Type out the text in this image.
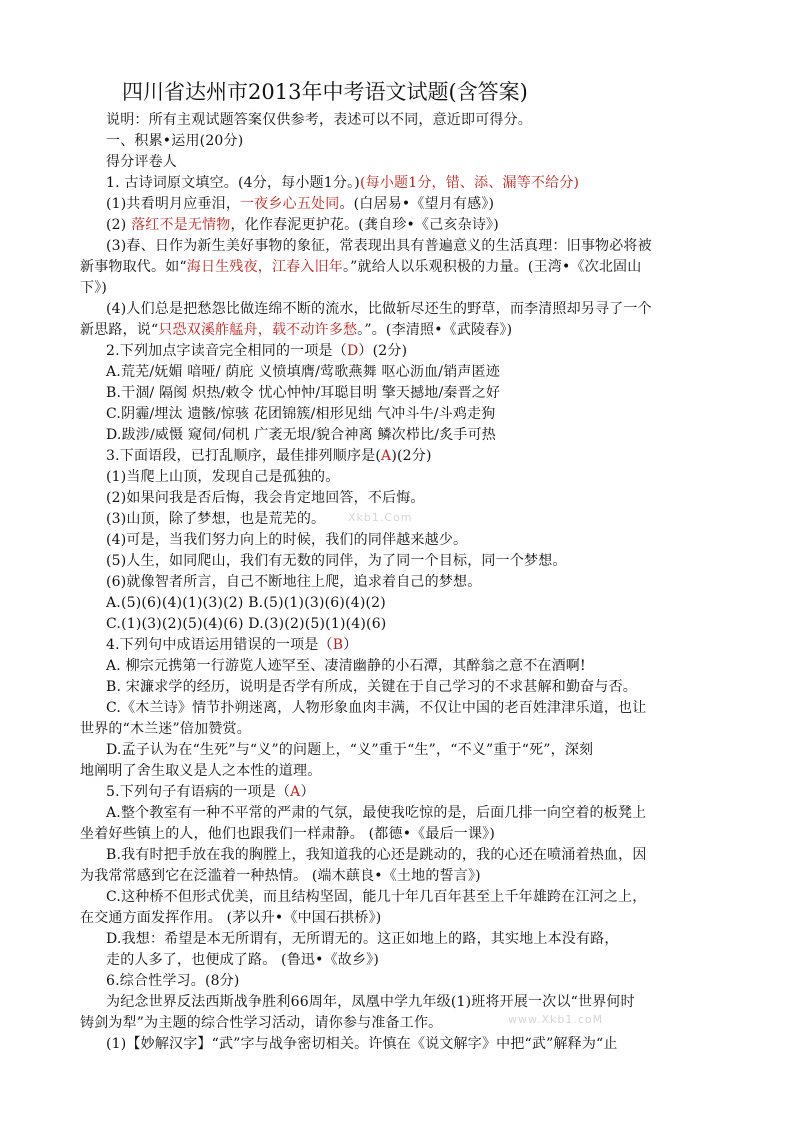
四川省达州市2013年中考语文试题(含答案)
说明：所有主观试题答案仅供参考，表述可以不同，意近即可得分。
一、积累•运用(20分)
得分评卷人
1. 古诗词原文填空。(4分，每小题1分。)(每小题1分，错、添、漏等不给分)
(1)共看明月应垂泪，一夜乡心五处同。(白居易•《望月有感》)
(2) 落红不是无情物，化作春泥更护花。(龚自珍•《己亥杂诗》)
(3)春、日作为新生美好事物的象征，常表现出具有普遍意义的生活真理：旧事物必将被
新事物取代。如“海日生残夜，江春入旧年。”就给人以乐观积极的力量。(王湾•《次北固山
下》)
(4)人们总是把愁怨比做连绵不断的流水，比做斩尽还生的野草，而李清照却另寻了一个
新思路，说“只恐双溪舴艋舟，载不动许多愁。”。(李清照•《武陵春》)
2.下列加点字读音完全相同的一项是（D）(2分)
A.荒芜/妩媚 喑哑/ 荫庇 义愤填膺/莺歌燕舞 呕心沥血/销声匿迹
B.干涸/ 隔阂 炽热/敕令 忧心忡忡/耳聪目明 擎天撼地/秦晋之好
C.阴霾/埋汰 遗骸/惊骇 花团锦簇/相形见绌 气冲斗牛/斗鸡走狗
D.跋涉/威慑 窥伺/伺机 广袤无垠/貌合神离 鳞次栉比/炙手可热
3.下面语段，已打乱顺序，最佳排列顺序是(A)(2分)
(1)当爬上山顶，发现自己是孤独的。
(2)如果问我是否后悔，我会肯定地回答，不后悔。
(3)山顶，除了梦想，也是荒芜的。 Xkb1.Com
(4)可是，当我们努力向上的时候，我们的同伴越来越少。
(5)人生，如同爬山，我们有无数的同伴，为了同一个目标，同一个梦想。
(6)就像智者所言，自己不断地往上爬，追求着自己的梦想。
A.(5)(6)(4)(1)(3)(2) B.(5)(1)(3)(6)(4)(2)
C.(1)(3)(2)(5)(4)(6) D.(3)(2)(5)(1)(4)(6)
4.下列句中成语运用错误的一项是（B）
A. 柳宗元携第一行游览人迹罕至、凄清幽静的小石潭，其醉翁之意不在酒啊!
B. 宋濂求学的经历，说明是否学有所成，关键在于自己学习的不求甚解和勤奋与否。
C.《木兰诗》情节扑朔迷离，人物形象血肉丰满，不仅让中国的老百姓津津乐道，也让
世界的“木兰迷”倍加赞赏。
D.孟子认为在“生死”与“义”的问题上，“义”重于“生”，“不义”重于“死”，深刻
地阐明了舍生取义是人之本性的道理。
5.下列句子有语病的一项是（A）
A.整个教室有一种不平常的严肃的气氛，最使我吃惊的是，后面几排一向空着的板凳上
坐着好些镇上的人，他们也跟我们一样肃静。 (都德•《最后一课》)
B.我有时把手放在我的胸膛上，我知道我的心还是跳动的，我的心还在喷涌着热血，因
为我常常感到它在泛滥着一种热情。 (端木蕻良•《土地的誓言》)
C.这种桥不但形式优美，而且结构坚固，能几十年几百年甚至上千年雄跨在江河之上，
在交通方面发挥作用。 (茅以升•《中国石拱桥》)
D.我想：希望是本无所谓有，无所谓无的。这正如地上的路，其实地上本没有路，
走的人多了，也便成了路。 (鲁迅•《故乡》)
6.综合性学习。(8分)
为纪念世界反法西斯战争胜利66周年，凤凰中学九年级(1)班将开展一次以“世界何时
铸剑为犁”为主题的综合性学习活动，请你参与准备工作。	www.Xkb1.coM
(1)【妙解汉字】“武”字与战争密切相关。许慎在《说文解字》中把“武”解释为“止
